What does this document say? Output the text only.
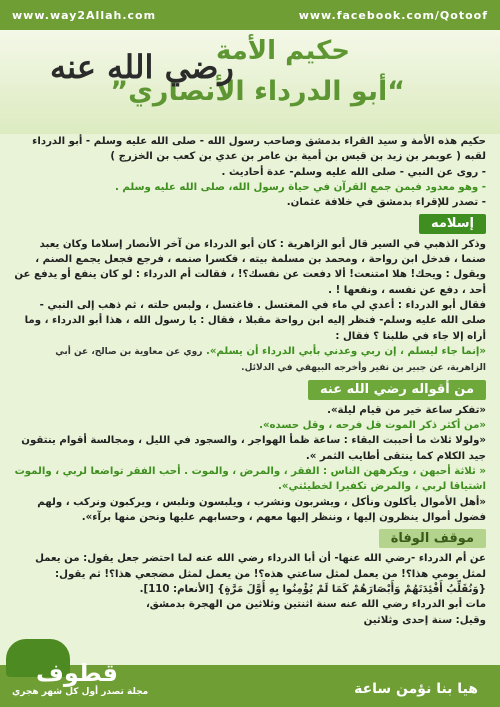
www.way2Allah.com	www.facebook.com/Qotoof
حكيم الأمة
“أبو الدرداء الأنصاري”
رضي الله عنه

حكيم هذه الأمة و سيد القراء بدمشق وصاحب رسول الله - صلى الله عليه وسلم - أبو الدرداء لقبه ( عويمر بن زيد بن قيس بن أمية بن عامر بن عدي بن كعب بن الخزرج )

- روى عن النبي - صلى الله عليه وسلم- عدة أحاديث .

- وهو معدود فيمن جمع القرآن في حياة رسول الله، صلى الله عليه وسلم .

- تصدر للإقراء بدمشق في خلافة عثمان.

إسلامه

وذكر الذهبي في السير قال أبو الزاهرية : كان أبو الدرداء من آخر الأنصار إسلاما وكان يعبد صنما ، فدخل ابن رواحة ، ومحمد بن مسلمة بيته ، فكسرا صنمه ، فرجع فجعل يجمع الصنم ، ويقول : ويحك! هلا امتنعت! ألا دفعت عن نفسك؟! ، فقالت أم الدرداء : لو كان ينفع أو يدفع عن أحد ، دفع عن نفسه ، ونفعها ! .

فقال أبو الدرداء : أعدي لي ماء في المغتسل . فاغتسل ، ولبس حلته ، ثم ذهب إلى النبي - صلى الله عليه وسلم- فنظر إليه ابن رواحة مقبلا ، فقال : يا رسول الله ، هذا أبو الدرداء ، وما أراه إلا جاء في طلبنا ؟ فقال :

«إنما جاء ليسلم ، إن ربي وعدني بأبي الدرداء أن يسلم». روي عن معاوية بن صالح، عن أبي الزاهرية، عن جبير بن نفير وأخرجه البيهقي في الدلائل.

من أقواله رضي الله عنه

«تفكر ساعة خير من قيام ليلة».

«من أكثر ذكر الموت قل فرحه ، وقل حسده».

«ولولا ثلاث ما أحببت البقاء : ساعة ظمأ الهواجر ، والسجود في الليل ، ومجالسة أقوام ينتقون جيد الكلام كما ينتقى أطايب الثمر ».

« ثلاثة أحبهن ، ويكرههن الناس : الفقر ، والمرض ، والموت . أحب الفقر تواضعا لربي ، والموت اشتياقا لربي ، والمرض تكفيرا لخطيئتي».

«أهل الأموال يأكلون ونأكل ، ويشربون ونشرب ، ويلبسون ونلبس ، ويركبون ونركب ، ولهم فضول أموال ينظرون إليها ، وننظر إليها معهم ، وحسابهم عليها ونحن منها برآء».

موقف الوفاة

عن أم الدرداء -رضي الله عنها- أن أبا الدرداء رضي الله عنه لما احتضر جعل يقول: من يعمل لمثل يومي هذا؟! من يعمل لمثل ساعتي هذه؟! من يعمل لمثل مضجعي هذا؟! ثم يقول: {وَنُقَلِّبُ أَفْئِدَتَهُمْ وَأَبْصَارَهُمْ كَمَا لَمْ يُؤْمِنُوا بِهِ أَوَّلَ مَرَّةٍ} [الأنعام: 110].

مات أبو الدرداء رضي الله عنه سنة اثنتين وثلاثين من الهجرة بدمشق،

وقيل: سنة إحدى وثلاثين

هيا بنا نؤمن ساعة
قطوف
مجلة تصدر أول كل شهر هجري
